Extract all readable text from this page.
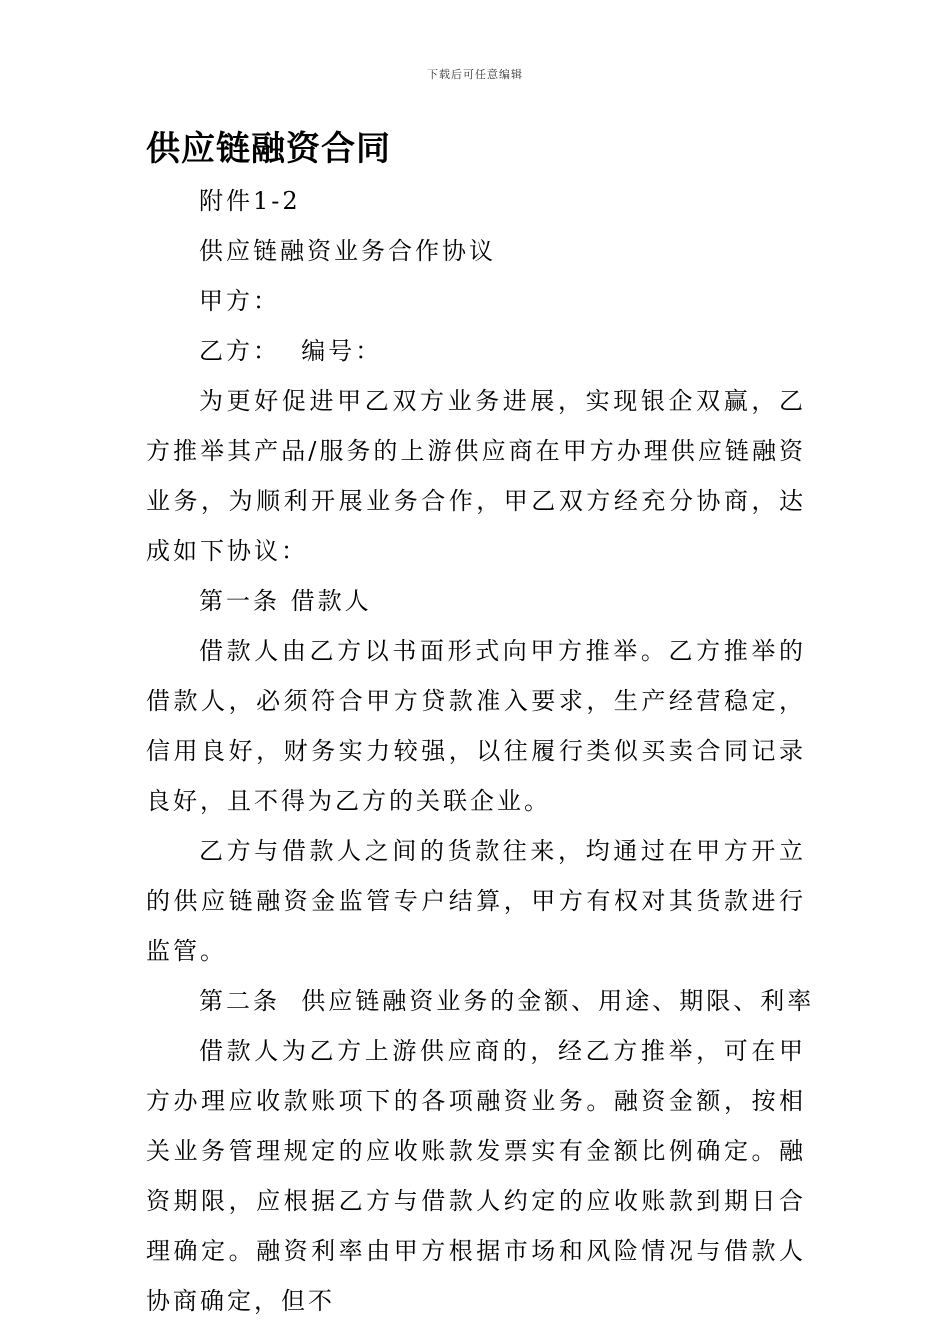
下载后可任意编辑
供应链融资合同

附件1-2

供应链融资业务合作协议

甲方：

乙方：  编号：

为更好促进甲乙双方业务进展，实现银企双赢，乙方推举其产品/服务的上游供应商在甲方办理供应链融资业务，为顺利开展业务合作，甲乙双方经充分协商，达成如下协议：

第一条 借款人

借款人由乙方以书面形式向甲方推举。乙方推举的借款人，必须符合甲方贷款准入要求，生产经营稳定，信用良好，财务实力较强，以往履行类似买卖合同记录良好，且不得为乙方的关联企业。

乙方与借款人之间的货款往来，均通过在甲方开立的供应链融资金监管专户结算，甲方有权对其货款进行监管。

第二条  供应链融资业务的金额、用途、期限、利率

借款人为乙方上游供应商的，经乙方推举，可在甲方办理应收款账项下的各项融资业务。融资金额，按相关业务管理规定的应收账款发票实有金额比例确定。融资期限，应根据乙方与借款人约定的应收账款到期日合理确定。融资利率由甲方根据市场和风险情况与借款人协商确定，但不
